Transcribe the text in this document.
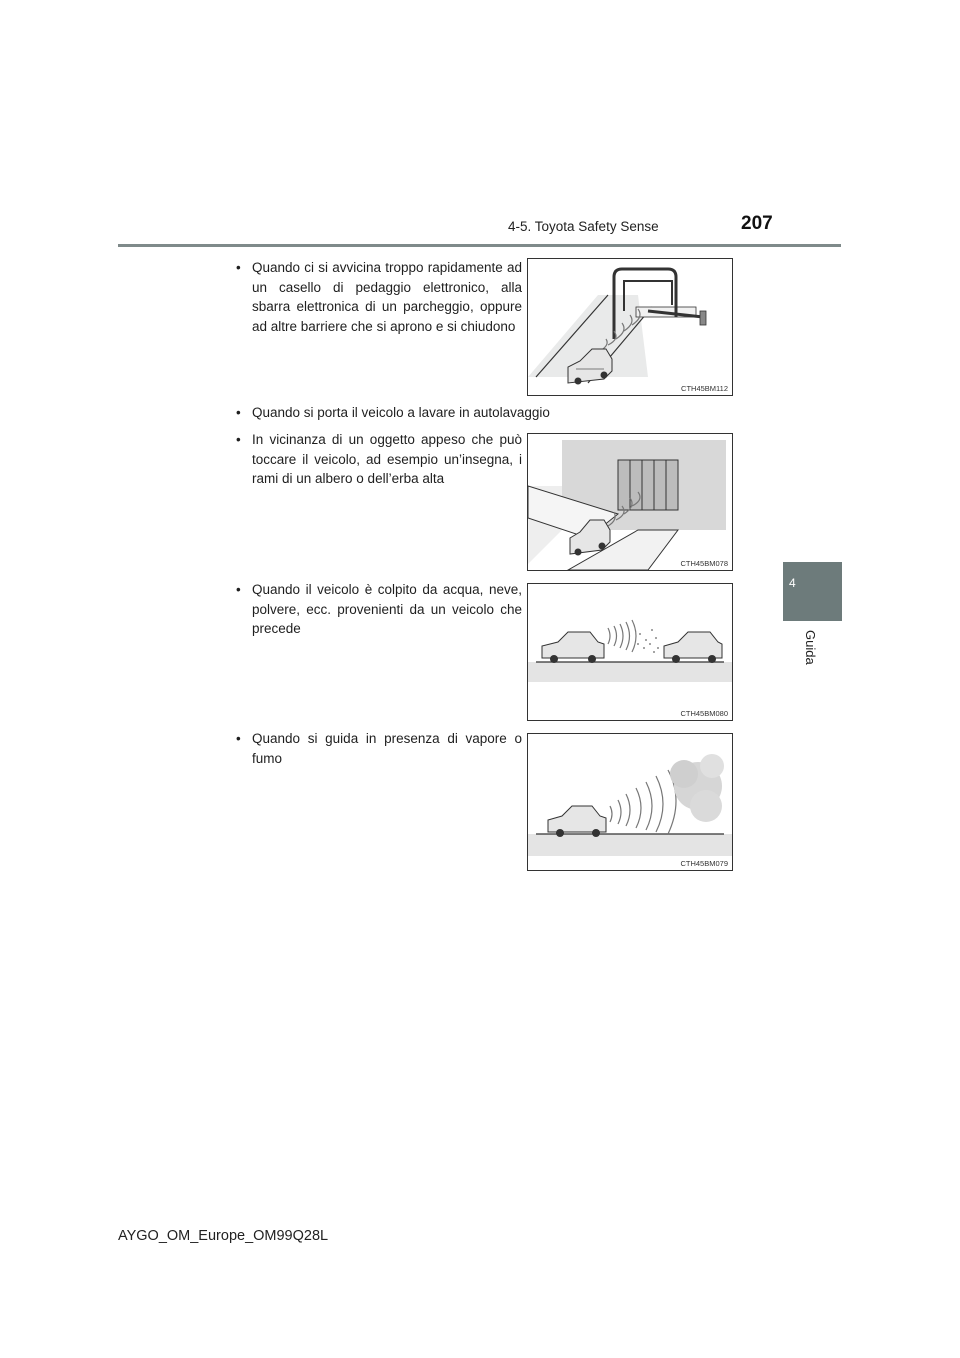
4-5. Toyota Safety Sense	207
4
Guida
• Quando ci si avvicina troppo rapidamente ad un casello di pedaggio elettronico, alla sbarra elettronica di un parcheggio, oppure ad altre barriere che si aprono e si chiudono
CTH45BM112
• Quando si porta il veicolo a lavare in autolavaggio
• In vicinanza di un oggetto appeso che può toccare il veicolo, ad esempio un’insegna, i rami di un albero o dell’erba alta
CTH45BM078
• Quando il veicolo è colpito da acqua, neve, polvere, ecc. provenienti da un veicolo che precede
CTH45BM080
• Quando si guida in presenza di vapore o fumo
CTH45BM079
AYGO_OM_Europe_OM99Q28L
